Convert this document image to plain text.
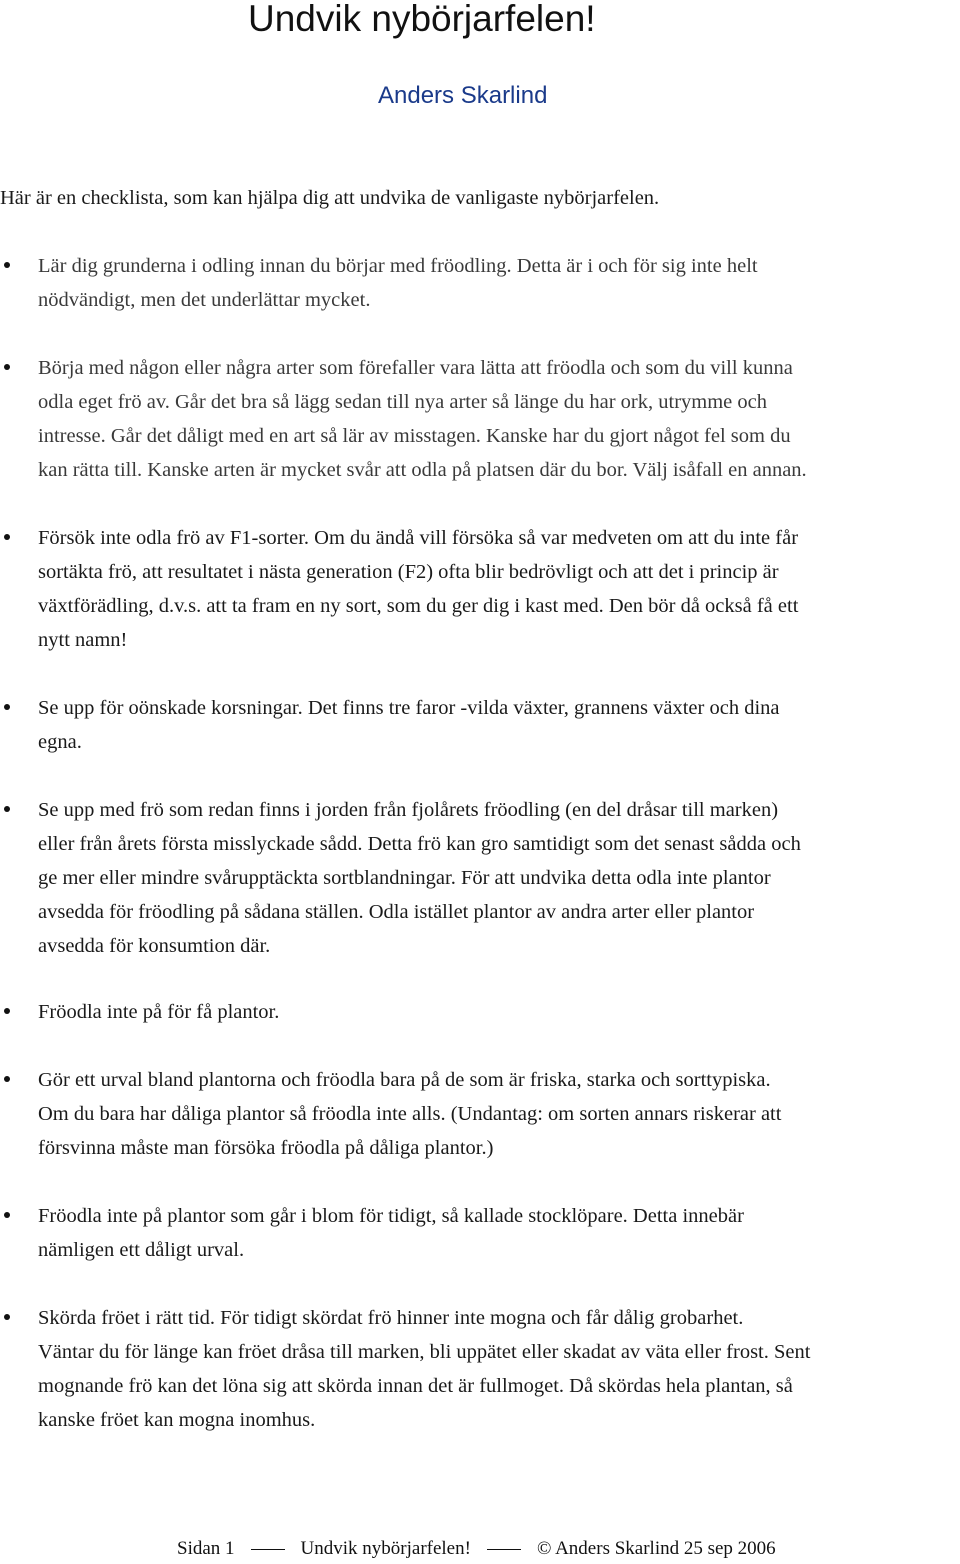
Undvik nybörjarfelen!
Anders Skarlind
Här är en checklista, som kan hjälpa dig att undvika de vanligaste nybörjarfelen.
Lär dig grunderna i odling innan du börjar med fröodling. Detta är i och för sig inte helt
nödvändigt, men det underlättar mycket.
Börja med någon eller några arter som förefaller vara lätta att fröodla och som du vill kunna
odla eget frö av. Går det bra så lägg sedan till nya arter så länge du har ork, utrymme och
intresse. Går det dåligt med en art så lär av misstagen. Kanske har du gjort något fel som du
kan rätta till. Kanske arten är mycket svår att odla på platsen där du bor. Välj isåfall en annan.
Försök inte odla frö av F1-sorter. Om du ändå vill försöka så var medveten om att du inte får
sortäkta frö, att resultatet i nästa generation (F2) ofta blir bedrövligt och att det i princip är
växtförädling, d.v.s. att ta fram en ny sort, som du ger dig i kast med. Den bör då också få ett
nytt namn!
Se upp för oönskade korsningar. Det finns tre faror -vilda växter, grannens växter och dina
egna.
Se upp med frö som redan finns i jorden från fjolårets fröodling (en del dråsar till marken)
eller från årets första misslyckade sådd. Detta frö kan gro samtidigt som det senast sådda och
ge mer eller mindre svårupptäckta sortblandningar. För att undvika detta odla inte plantor
avsedda för fröodling på sådana ställen. Odla istället plantor av andra arter eller plantor
avsedda för konsumtion där.
Fröodla inte på för få plantor.
Gör ett urval bland plantorna och fröodla bara på de som är friska, starka och sorttypiska.
Om du bara har dåliga plantor så fröodla inte alls. (Undantag: om sorten annars riskerar att
försvinna måste man försöka fröodla på dåliga plantor.)
Fröodla inte på plantor som går i blom för tidigt, så kallade stocklöpare. Detta innebär
nämligen ett dåligt urval.
Skörda fröet i rätt tid. För tidigt skördat frö hinner inte mogna och får dålig grobarhet.
Väntar du för länge kan fröet dråsa till marken, bli uppätet eller skadat av väta eller frost. Sent
mognande frö kan det löna sig att skörda innan det är fullmoget. Då skördas hela plantan, så
kanske fröet kan mogna inomhus.
Sidan 1	Undvik nybörjarfelen!	© Anders Skarlind 25 sep 2006
